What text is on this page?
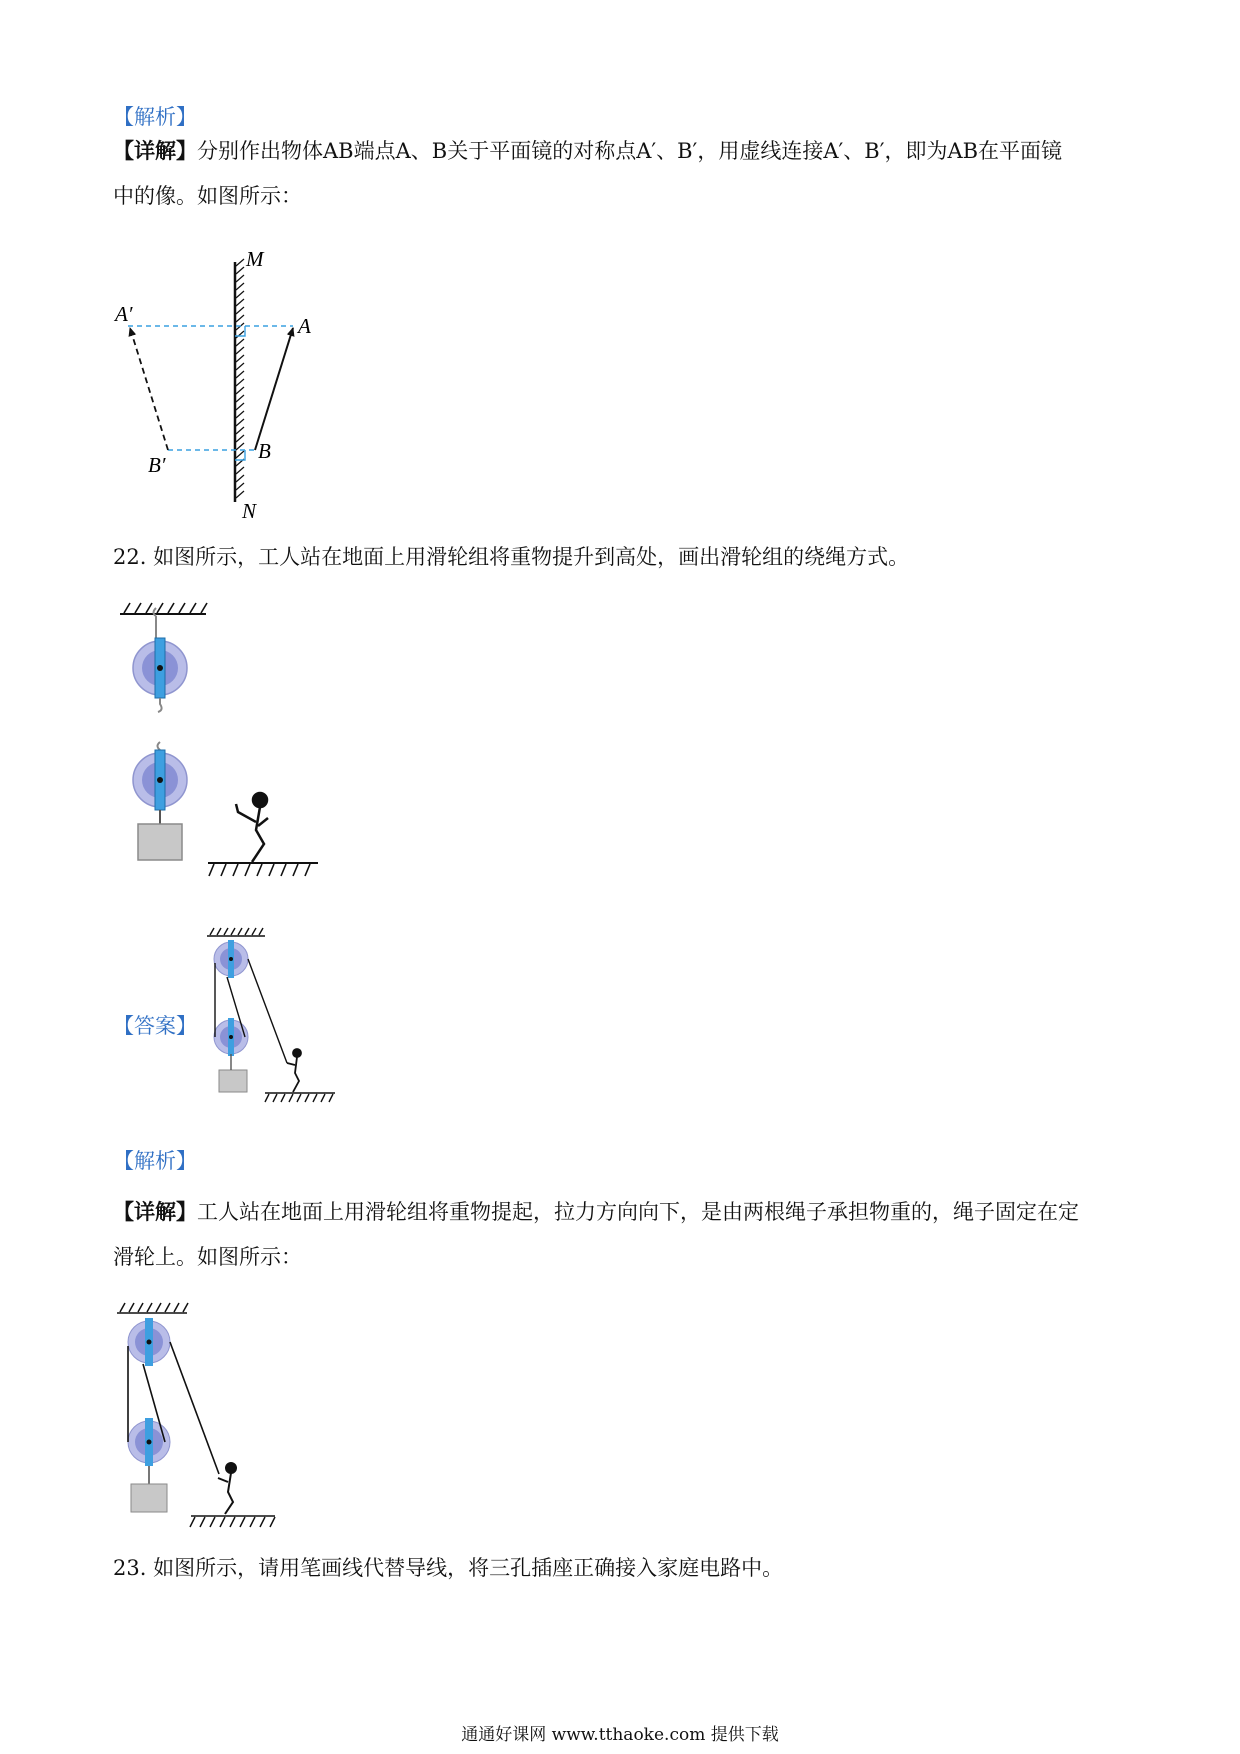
【解析】
【详解】分别作出物体AB端点A、B关于平面镜的对称点A′、B′，用虚线连接A′、B′，即为AB在平面镜
中的像。如图所示：
M
N
A
B
A′
B′
22. 如图所示，工人站在地面上用滑轮组将重物提升到高处，画出滑轮组的绕绳方式。
【答案】
【解析】
【详解】工人站在地面上用滑轮组将重物提起，拉力方向向下，是由两根绳子承担物重的，绳子固定在定
滑轮上。如图所示：
23. 如图所示，请用笔画线代替导线，将三孔插座正确接入家庭电路中。
通通好课网 www.tthaoke.com 提供下载
